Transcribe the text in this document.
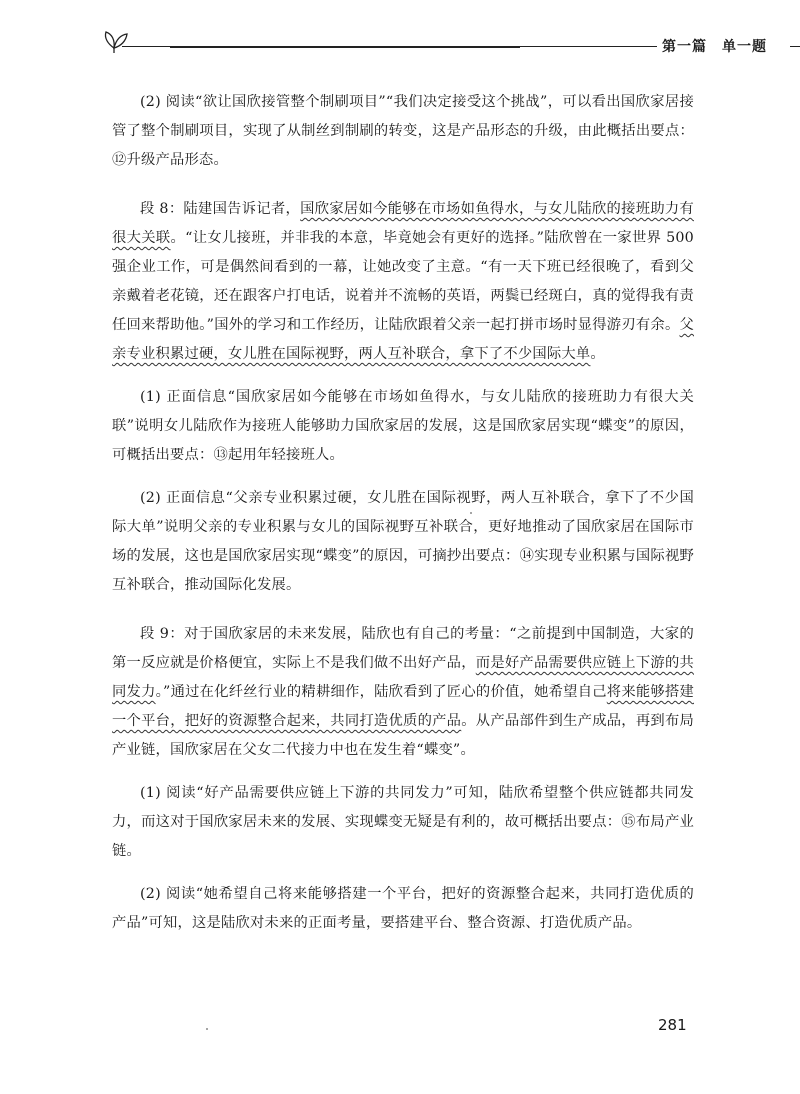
第一篇　单一题

(2) 阅读“欲让国欣接管整个制刷项目”“我们决定接受这个挑战”，可以看出国欣家居接管了整个制刷项目，实现了从制丝到制刷的转变，这是产品形态的升级，由此概括出要点：⑫升级产品形态。

段 8：陆建国告诉记者，国欣家居如今能够在市场如鱼得水，与女儿陆欣的接班助力有很大关联。“让女儿接班，并非我的本意，毕竟她会有更好的选择。”陆欣曾在一家世界 500 强企业工作，可是偶然间看到的一幕，让她改变了主意。“有一天下班已经很晚了，看到父亲戴着老花镜，还在跟客户打电话，说着并不流畅的英语，两鬓已经斑白，真的觉得我有责任回来帮助他。”国外的学习和工作经历，让陆欣跟着父亲一起打拼市场时显得游刃有余。父亲专业积累过硬，女儿胜在国际视野，两人互补联合，拿下了不少国际大单。

(1) 正面信息“国欣家居如今能够在市场如鱼得水，与女儿陆欣的接班助力有很大关联”说明女儿陆欣作为接班人能够助力国欣家居的发展，这是国欣家居实现“蝶变”的原因，可概括出要点：⑬起用年轻接班人。

(2) 正面信息“父亲专业积累过硬，女儿胜在国际视野，两人互补联合，拿下了不少国际大单”说明父亲的专业积累与女儿的国际视野互补联合，更好地推动了国欣家居在国际市场的发展，这也是国欣家居实现“蝶变”的原因，可摘抄出要点：⑭实现专业积累与国际视野互补联合，推动国际化发展。

段 9：对于国欣家居的未来发展，陆欣也有自己的考量：“之前提到中国制造，大家的第一反应就是价格便宜，实际上不是我们做不出好产品，而是好产品需要供应链上下游的共同发力。”通过在化纤丝行业的精耕细作，陆欣看到了匠心的价值，她希望自己将来能够搭建一个平台，把好的资源整合起来，共同打造优质的产品。从产品部件到生产成品，再到布局产业链，国欣家居在父女二代接力中也在发生着“蝶变”。

(1) 阅读“好产品需要供应链上下游的共同发力”可知，陆欣希望整个供应链都共同发力，而这对于国欣家居未来的发展、实现蝶变无疑是有利的，故可概括出要点：⑮布局产业链。

(2) 阅读“她希望自己将来能够搭建一个平台，把好的资源整合起来，共同打造优质的产品”可知，这是陆欣对未来的正面考量，要搭建平台、整合资源、打造优质产品。

281
